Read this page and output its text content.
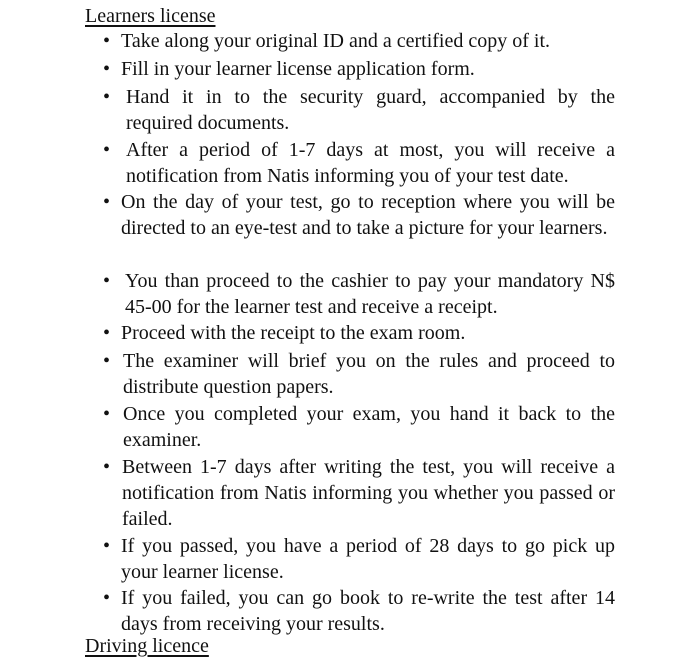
Learners license
• Take along your original ID and a certified copy of it.
• Fill in your learner license application form.
• Hand it in to the security guard, accompanied by the required documents.
• After a period of 1-7 days at most, you will receive a notification from Natis informing you of your test date.
• On the day of your test, go to reception where you will be directed to an eye-test and to take a picture for your learners.
• You than proceed to the cashier to pay your mandatory N$ 45-00 for the learner test and receive a receipt.
• Proceed with the receipt to the exam room.
• The examiner will brief you on the rules and proceed to distribute question papers.
• Once you completed your exam, you hand it back to the examiner.
• Between 1-7 days after writing the test, you will receive a notification from Natis informing you whether you passed or failed.
• If you passed, you have a period of 28 days to go pick up your learner license.
• If you failed, you can go book to re-write the test after 14 days from receiving your results.
Driving licence
